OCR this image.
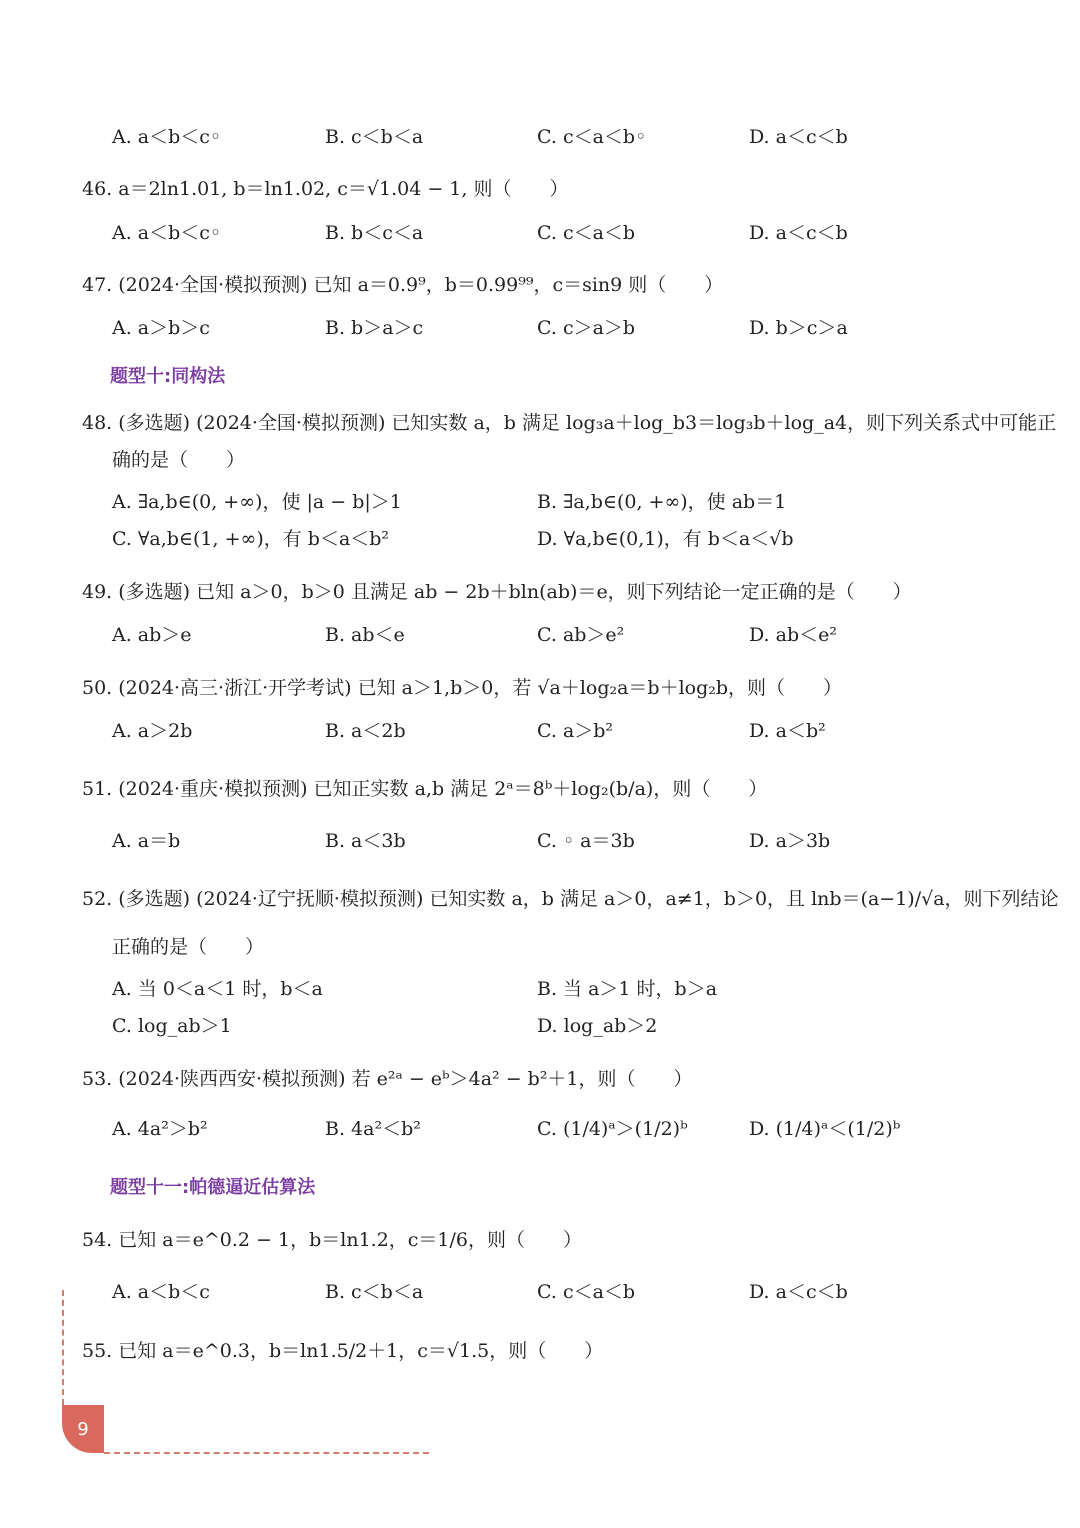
A. a＜b＜c◦	B. c＜b＜a	C. c＜a＜b◦	D. a＜c＜b
46. a＝2ln1.01, b＝ln1.02, c＝√1.04 − 1, 则（　　）
A. a＜b＜c◦	B. b＜c＜a	C. c＜a＜b	D. a＜c＜b
47. (2024·全国·模拟预测) 已知 a＝0.9⁹，b＝0.99⁹⁹，c＝sin9 则（　　）
A. a＞b＞c	B. b＞a＞c	C. c＞a＞b	D. b＞c＞a
题型十:同构法
48. (多选题) (2024·全国·模拟预测) 已知实数 a，b 满足 log₃a＋log_b3＝log₃b＋log_a4，则下列关系式中可能正
确的是（　　）
A. ∃a,b∈(0, +∞)，使 |a − b|＞1	B. ∃a,b∈(0, +∞)，使 ab＝1
C. ∀a,b∈(1, +∞)，有 b＜a＜b²	D. ∀a,b∈(0,1)，有 b＜a＜√b
49. (多选题) 已知 a＞0，b＞0 且满足 ab − 2b＋bln(ab)＝e，则下列结论一定正确的是（　　）
A. ab＞e	B. ab＜e	C. ab＞e²	D. ab＜e²
50. (2024·高三·浙江·开学考试) 已知 a＞1,b＞0，若 √a＋log₂a＝b＋log₂b，则（　　）
A. a＞2b	B. a＜2b	C. a＞b²	D. a＜b²
51. (2024·重庆·模拟预测) 已知正实数 a,b 满足 2ᵃ＝8ᵇ＋log₂(b/a)，则（　　）
A. a＝b	B. a＜3b	C. ◦ a＝3b	D. a＞3b
52. (多选题) (2024·辽宁抚顺·模拟预测) 已知实数 a，b 满足 a＞0，a≠1，b＞0，且 lnb＝(a−1)/√a，则下列结论
正确的是（　　）
A. 当 0＜a＜1 时，b＜a	B. 当 a＞1 时，b＞a
C. log_ab＞1	D. log_ab＞2
53. (2024·陕西西安·模拟预测) 若 e²ᵃ − eᵇ＞4a² − b²＋1，则（　　）
A. 4a²＞b²	B. 4a²＜b²	C. (1/4)ᵃ＞(1/2)ᵇ	D. (1/4)ᵃ＜(1/2)ᵇ
题型十一:帕德逼近估算法
54. 已知 a＝e^0.2 − 1，b＝ln1.2，c＝1/6，则（　　）
A. a＜b＜c	B. c＜b＜a	C. c＜a＜b	D. a＜c＜b
55. 已知 a＝e^0.3，b＝ln1.5/2＋1，c＝√1.5，则（　　）
9
